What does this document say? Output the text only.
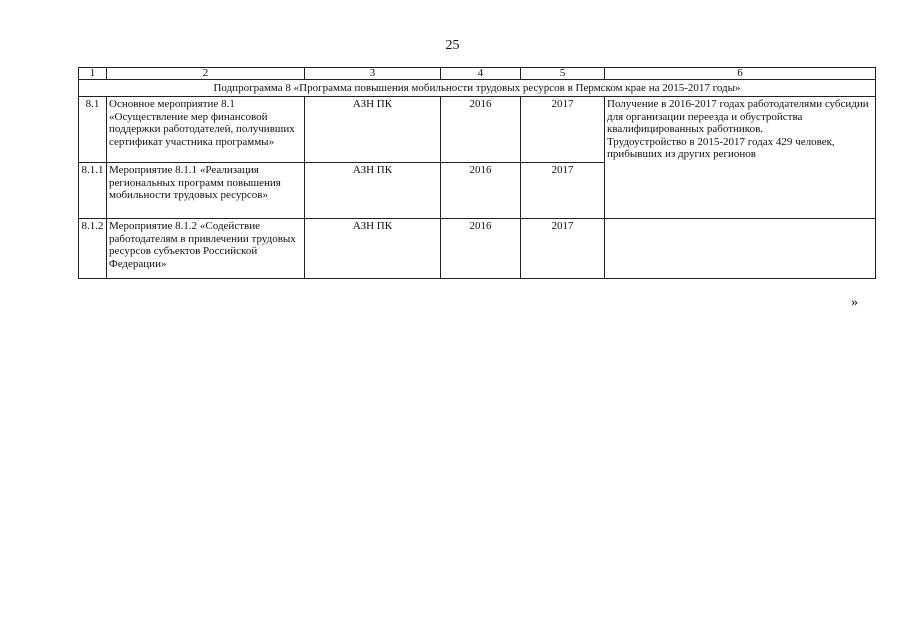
25
1	2	3	4	5	6
Подпрограмма 8 «Программа повышения мобильности трудовых ресурсов в Пермском крае на 2015-2017 годы»					
8.1	Основное мероприятие 8.1 «Осуществление мер финансовой поддержки работодателей, получивших сертификат участника программы»	АЗН ПК	2016	2017	Получение в 2016-2017 годах работодателями субсидии для организации переезда и обустройства квалифицированных работников.
Трудоустройство в 2015-2017 годах 429 человек, прибывших из других регионов

8.1.1	Мероприятие 8.1.1 «Реализация региональных программ повышения мобильности трудовых ресурсов»	АЗН ПК	2016	2017	
8.1.2	Мероприятие 8.1.2 «Содействие работодателям в привлечении трудовых ресурсов субъектов Российской Федерации»	АЗН ПК	2016	2017	
»
